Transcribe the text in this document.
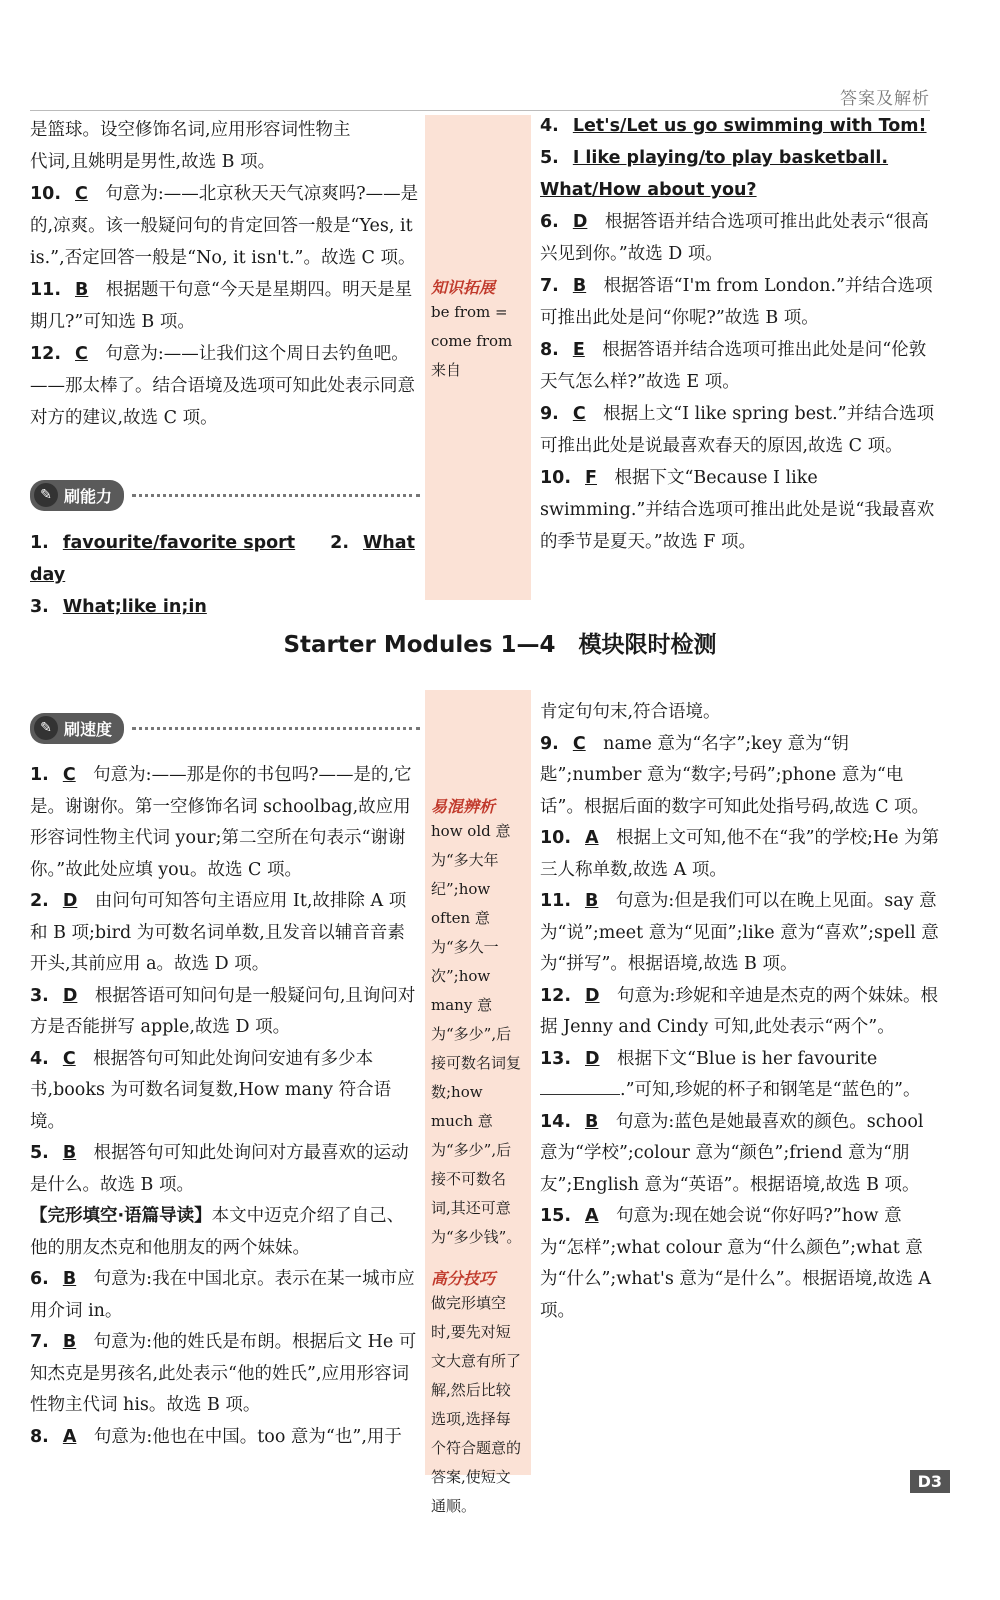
答案及解析

是篮球。设空修饰名词,应用形容词性物主

代词,且姚明是男性,故选 B 项。

10. C　 句意为:——北京秋天天气凉爽吗?——是的,凉爽。该一般疑问句的肯定回答一般是“Yes, it is.”,否定回答一般是“No, it isn't.”。故选 C 项。

11. B　 根据题干句意“今天是星期四。明天是星期几?”可知选 B 项。

12. C　 句意为:——让我们这个周日去钓鱼吧。——那太棒了。结合语境及选项可知此处表示同意对方的建议,故选 C 项。

✎ 刷能力

1. favourite/favorite sport　　 2. What day

3. What;like in;in

知识拓展
be from = come from 来自

4. Let's/Let us go swimming with Tom!

5. I like playing/to play basketball. What/How about you?

6. D　 根据答语并结合选项可推出此处表示“很高兴见到你。”故选 D 项。

7. B　 根据答语“I'm from London.”并结合选项可推出此处是问“你呢?”故选 B 项。

8. E　 根据答语并结合选项可推出此处是问“伦敦天气怎么样?”故选 E 项。

9. C　 根据上文“I like spring best.”并结合选项可推出此处是说最喜欢春天的原因,故选 C 项。

10. F　 根据下文“Because I like swimming.”并结合选项可推出此处是说“我最喜欢的季节是夏天。”故选 F 项。

Starter Modules 1—4　模块限时检测
✎ 刷速度

1. C　 句意为:——那是你的书包吗?——是的,它是。谢谢你。第一空修饰名词 schoolbag,故应用形容词性物主代词 your;第二空所在句表示“谢谢你。”故此处应填 you。故选 C 项。

2. D　 由问句可知答句主语应用 It,故排除 A 项和 B 项;bird 为可数名词单数,且发音以辅音音素开头,其前应用 a。故选 D 项。

3. D　 根据答语可知问句是一般疑问句,且询问对方是否能拼写 apple,故选 D 项。

4. C　 根据答句可知此处询问安迪有多少本书,books 为可数名词复数,How many 符合语境。

5. B　 根据答句可知此处询问对方最喜欢的运动是什么。故选 B 项。

【完形填空·语篇导读】本文中迈克介绍了自己、他的朋友杰克和他朋友的两个妹妹。

6. B　 句意为:我在中国北京。表示在某一城市应用介词 in。

7. B　 句意为:他的姓氏是布朗。根据后文 He 可知杰克是男孩名,此处表示“他的姓氏”,应用形容词性物主代词 his。故选 B 项。

8. A　 句意为:他也在中国。too 意为“也”,用于

易混辨析
how old 意为“多大年纪”;how often 意为“多久一次”;how many 意为“多少”,后接可数名词复数;how much 意为“多少”,后接不可数名词,其还可意为“多少钱”。
高分技巧
做完形填空时,要先对短文大意有所了解,然后比较选项,选择每个符合题意的答案,使短文通顺。

肯定句句末,符合语境。

9. C　 name 意为“名字”;key 意为“钥匙”;number 意为“数字;号码”;phone 意为“电话”。根据后面的数字可知此处指号码,故选 C 项。

10. A　 根据上文可知,他不在“我”的学校;He 为第三人称单数,故选 A 项。

11. B　 句意为:但是我们可以在晚上见面。say 意为“说”;meet 意为“见面”;like 意为“喜欢”;spell 意为“拼写”。根据语境,故选 B 项。

12. D　 句意为:珍妮和辛迪是杰克的两个妹妹。根据 Jenny and Cindy 可知,此处表示“两个”。

13. D　 根据下文“Blue is her favourite .”可知,珍妮的杯子和钢笔是“蓝色的”。

14. B　 句意为:蓝色是她最喜欢的颜色。school 意为“学校”;colour 意为“颜色”;friend 意为“朋友”;English 意为“英语”。根据语境,故选 B 项。

15. A　 句意为:现在她会说“你好吗?”how 意为“怎样”;what colour 意为“什么颜色”;what 意为“什么”;what's 意为“是什么”。根据语境,故选 A 项。

D3
